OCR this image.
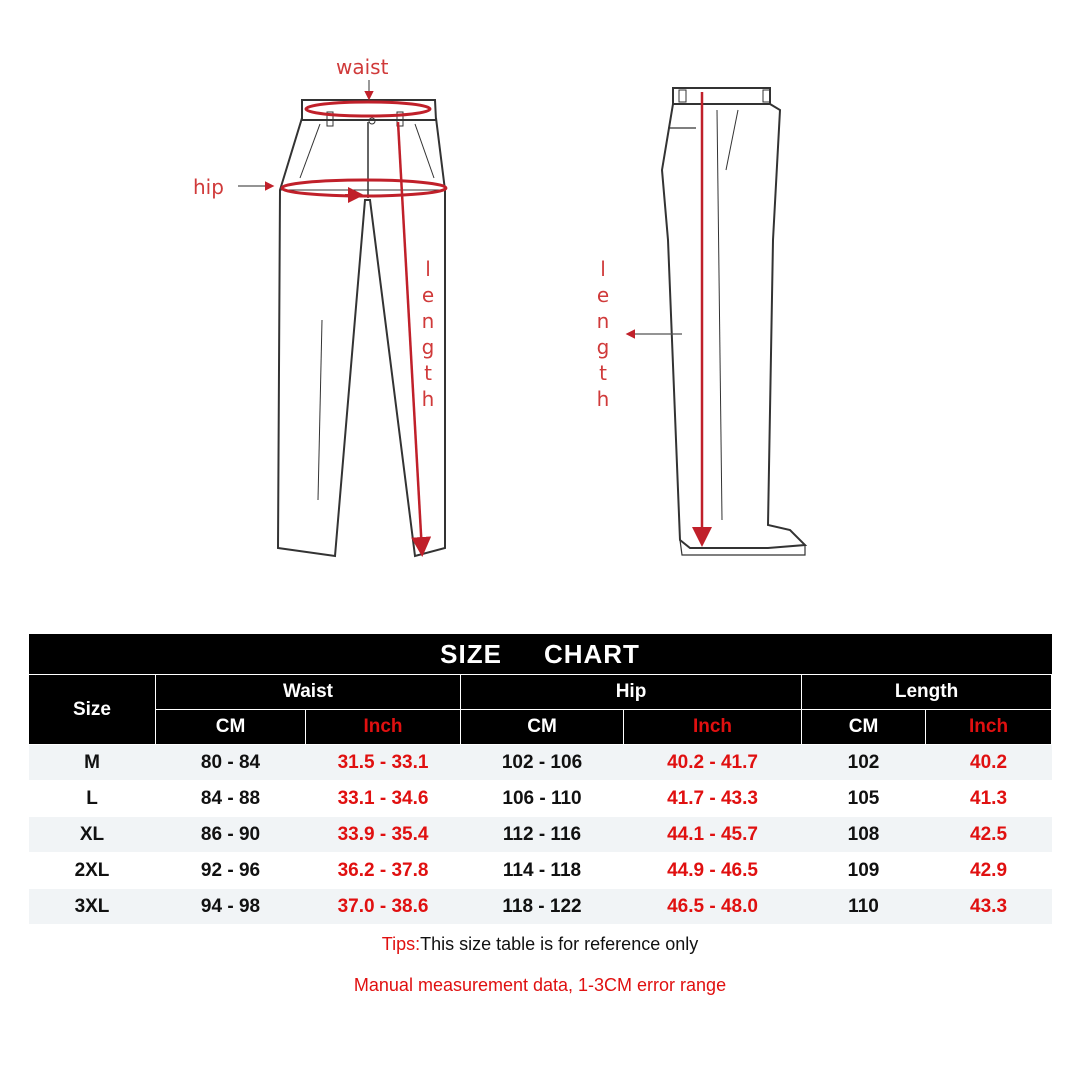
waist
hip
l
e
n
g
t
h
l
e
n
g
t
h
SIZE CHART						
Size	Waist		Hip		Length	
	CM	Inch	CM	Inch	CM	Inch
M	80 - 84	31.5 - 33.1	102 - 106	40.2 - 41.7	102	40.2
L	84 - 88	33.1 - 34.6	106 - 110	41.7 - 43.3	105	41.3
XL	86 - 90	33.9 - 35.4	112 - 116	44.1 - 45.7	108	42.5
2XL	92 - 96	36.2 - 37.8	114 - 118	44.9 - 46.5	109	42.9
3XL	94 - 98	37.0 - 38.6	118 - 122	46.5 - 48.0	110	43.3
Tips:This size table is for reference only
Manual measurement data, 1-3CM error range
